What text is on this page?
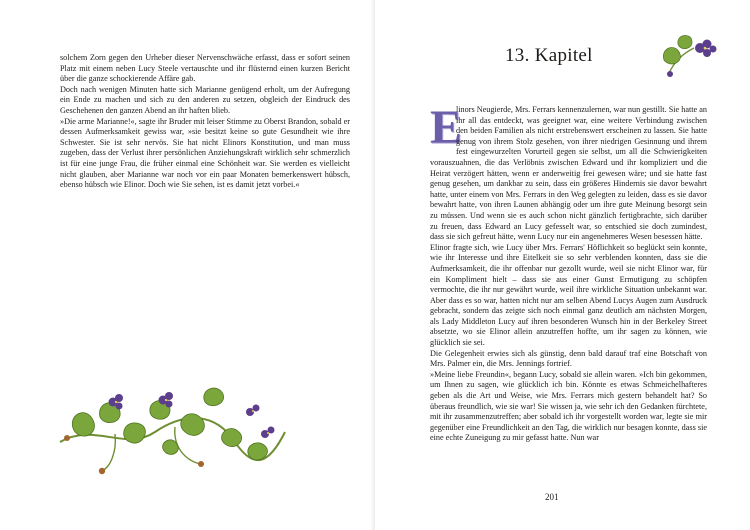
solchem Zorn gegen den Urheber dieser Nervenschwäche erfasst, dass er sofort seinen Platz mit einem neben Lucy Steele vertauschte und ihr flüsternd einen kurzen Bericht über die ganze schockierende Affäre gab.

Doch nach wenigen Minuten hatte sich Marianne genügend erholt, um der Aufregung ein Ende zu machen und sich zu den anderen zu setzen, obgleich der Eindruck des Geschehenen den ganzen Abend an ihr haften blieb.

»Die arme Marianne!«, sagte ihr Bruder mit leiser Stimme zu Oberst Brandon, sobald er dessen Aufmerksamkeit gewiss war, »sie besitzt keine so gute Gesundheit wie ihre Schwester. Sie ist sehr nervös. Sie hat nicht Elinors Konstitution, und man muss zugeben, dass der Verlust ihrer persönlichen Anziehungskraft wirklich sehr schmerzlich ist für eine junge Frau, die früher einmal eine Schönheit war. Sie werden es vielleicht nicht glauben, aber Marianne war noch vor ein paar Monaten bemerkenswert hübsch, ebenso hübsch wie Elinor. Doch wie Sie sehen, ist es damit jetzt vorbei.«

13. Kapitel

E
linors Neugierde, Mrs. Ferrars kennenzulernen, war nun gestillt. Sie hatte an ihr all das entdeckt, was geeignet war, eine weitere Verbindung zwischen den beiden Familien als nicht erstrebenswert erscheinen zu lassen. Sie hatte genug von ihrem Stolz gesehen, von ihrer niedrigen Gesinnung und ihrem fest eingewurzelten Vorurteil gegen sie selbst, um all die Schwierigkeiten vorauszuahnen, die das Verlöbnis zwischen Edward und ihr kompliziert und die Heirat verzögert hätten, wenn er anderweitig frei gewesen wäre; und sie hatte fast genug gesehen, um dankbar zu sein, dass ein größeres Hindernis sie davor bewahrt hatte, unter einem von Mrs. Ferrars in den Weg gelegten zu leiden, dass es sie davor bewahrt hatte, von ihren Launen abhängig oder um ihre gute Meinung besorgt sein zu müssen. Und wenn sie es auch schon nicht gänzlich fertigbrachte, sich darüber zu freuen, dass Edward an Lucy gefesselt war, so entschied sie doch zumindest, dass sie sich gefreut hätte, wenn Lucy nur ein angenehmeres Wesen besessen hätte.

Elinor fragte sich, wie Lucy über Mrs. Ferrars' Höflichkeit so beglückt sein konnte, wie ihr Interesse und ihre Eitelkeit sie so sehr verblenden konnten, dass sie die Aufmerksamkeit, die ihr offenbar nur gezollt wurde, weil sie nicht Elinor war, für ein Kompliment hielt – dass sie aus einer Gunst Ermutigung zu schöpfen vermochte, die ihr nur gewährt wurde, weil ihre wirkliche Situation unbekannt war. Aber dass es so war, hatten nicht nur am selben Abend Lucys Augen zum Ausdruck gebracht, sondern das zeigte sich noch einmal ganz deutlich am nächsten Morgen, als Lady Middleton Lucy auf ihren besonderen Wunsch hin in der Berkeley Street absetzte, wo sie Elinor allein anzutreffen hoffte, um ihr sagen zu können, wie glücklich sie sei.

Die Gelegenheit erwies sich als günstig, denn bald darauf traf eine Botschaft von Mrs. Palmer ein, die Mrs. Jennings fortrief.

»Meine liebe Freundin«, begann Lucy, sobald sie allein waren. »Ich bin gekommen, um Ihnen zu sagen, wie glücklich ich bin. Könnte es etwas Schmeichelhafteres geben als die Art und Weise, wie Mrs. Ferrars mich gestern behandelt hat? So überaus freundlich, wie sie war! Sie wissen ja, wie sehr ich den Gedanken fürchtete, mit ihr zusammenzutreffen; aber sobald ich ihr vorgestellt worden war, legte sie mir gegenüber eine Freundlichkeit an den Tag, die wirklich nur besagen konnte, dass sie eine echte Zuneigung zu mir gefasst hatte. Nun war

201
